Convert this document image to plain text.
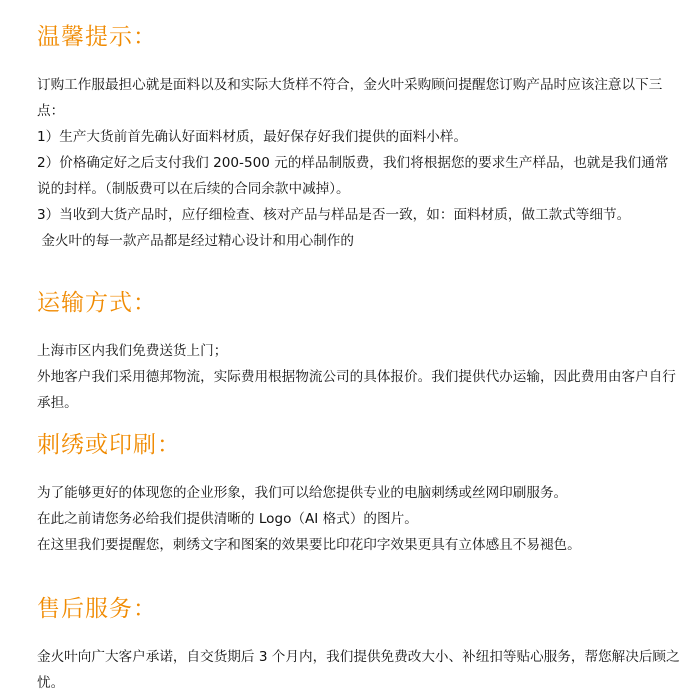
温馨提示：

订购工作服最担心就是面料以及和实际大货样不符合，金火叶采购顾问提醒您订购产品时应该注意以下三点：

1）生产大货前首先确认好面料材质，最好保存好我们提供的面料小样。

2）价格确定好之后支付我们 200-500 元的样品制版费，我们将根据您的要求生产样品，也就是我们通常说的封样。（制版费可以在后续的合同余款中减掉）。

3）当收到大货产品时，应仔细检查、核对产品与样品是否一致，如：面料材质，做工款式等细节。

金火叶的每一款产品都是经过精心设计和用心制作的

运输方式：

上海市区内我们免费送货上门；

外地客户我们采用德邦物流，实际费用根据物流公司的具体报价。我们提供代办运输，因此费用由客户自行承担。

刺绣或印刷：

为了能够更好的体现您的企业形象，我们可以给您提供专业的电脑刺绣或丝网印刷服务。

在此之前请您务必给我们提供清晰的 Logo（AI 格式）的图片。

在这里我们要提醒您，刺绣文字和图案的效果要比印花印字效果更具有立体感且不易褪色。

售后服务：

金火叶向广大客户承诺，自交货期后 3 个月内，我们提供免费改大小、补纽扣等贴心服务，帮您解决后顾之忧。
